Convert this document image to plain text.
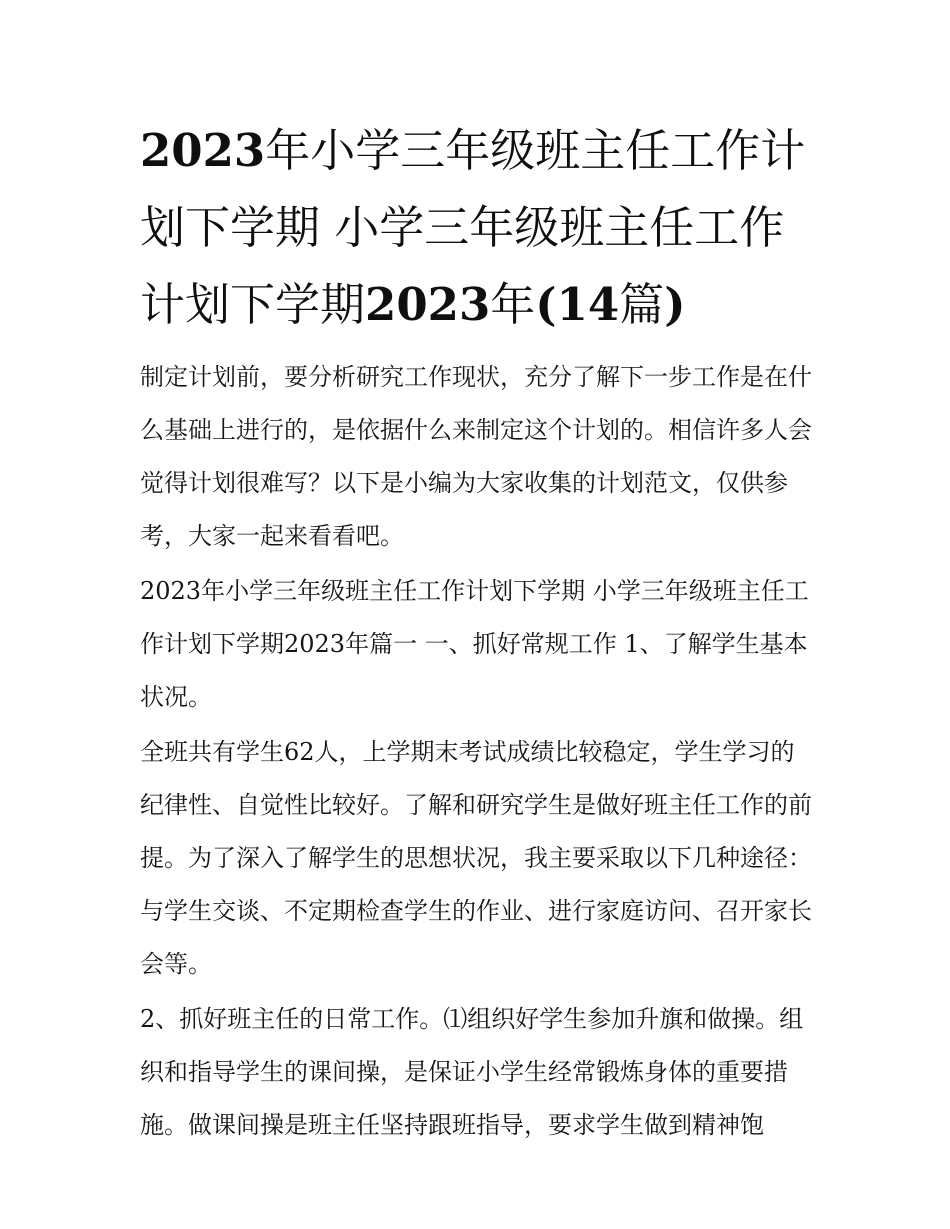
2023年小学三年级班主任工作计划下学期 小学三年级班主任工作计划下学期2023年(14篇)

制定计划前，要分析研究工作现状，充分了解下一步工作是在什么基础上进行的，是依据什么来制定这个计划的。相信许多人会觉得计划很难写？以下是小编为大家收集的计划范文，仅供参考，大家一起来看看吧。

2023年小学三年级班主任工作计划下学期 小学三年级班主任工作计划下学期2023年篇一 一、抓好常规工作 1、了解学生基本状况。

全班共有学生62人，上学期末考试成绩比较稳定，学生学习的纪律性、自觉性比较好。了解和研究学生是做好班主任工作的前提。为了深入了解学生的思想状况，我主要采取以下几种途径：与学生交谈、不定期检查学生的作业、进行家庭访问、召开家长会等。

2、抓好班主任的日常工作。⑴组织好学生参加升旗和做操。组织和指导学生的课间操，是保证小学生经常锻炼身体的重要措施。做课间操是班主任坚持跟班指导，要求学生做到精神饱
